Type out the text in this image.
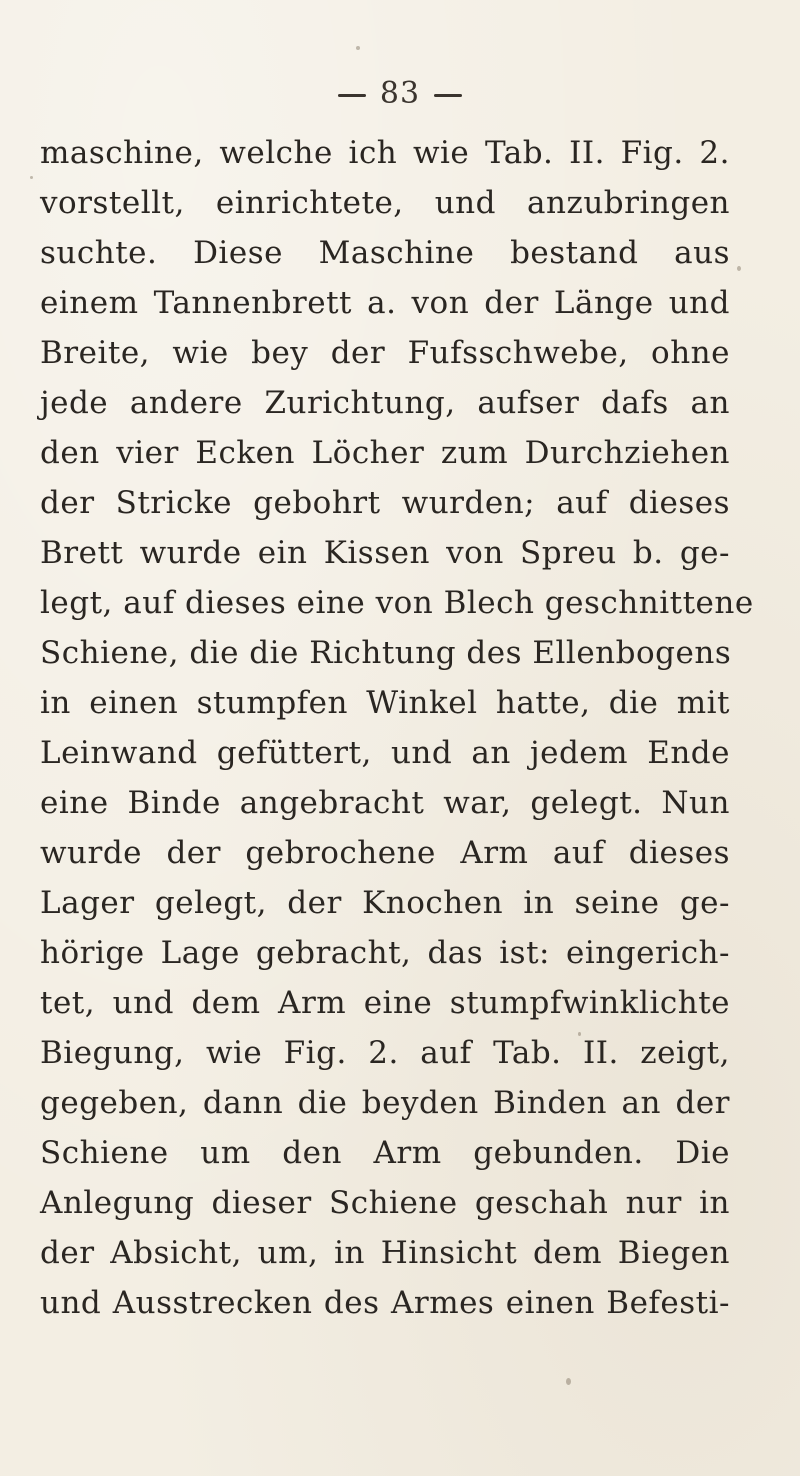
83
maschine, welche ich wie Tab. II. Fig. 2.
vorstellt, einrichtete, und anzubringen
suchte. Diese Maschine bestand aus
einem Tannenbrett a. von der Länge und
Breite, wie bey der Fufsschwebe, ohne
jede andere Zurichtung, aufser dafs an
den vier Ecken Löcher zum Durchziehen
der Stricke gebohrt wurden; auf dieses
Brett wurde ein Kissen von Spreu b. ge-
legt, auf dieses eine von Blech geschnittene
Schiene, die die Richtung des Ellenbogens
in einen stumpfen Winkel hatte, die mit
Leinwand gefüttert, und an jedem Ende
eine Binde angebracht war, gelegt. Nun
wurde der gebrochene Arm auf dieses
Lager gelegt, der Knochen in seine ge-
hörige Lage gebracht, das ist: eingerich-
tet, und dem Arm eine stumpfwinklichte
Biegung, wie Fig. 2. auf Tab. II. zeigt,
gegeben, dann die beyden Binden an der
Schiene um den Arm gebunden. Die
Anlegung dieser Schiene geschah nur in
der Absicht, um, in Hinsicht dem Biegen
und Ausstrecken des Armes einen Befesti-
